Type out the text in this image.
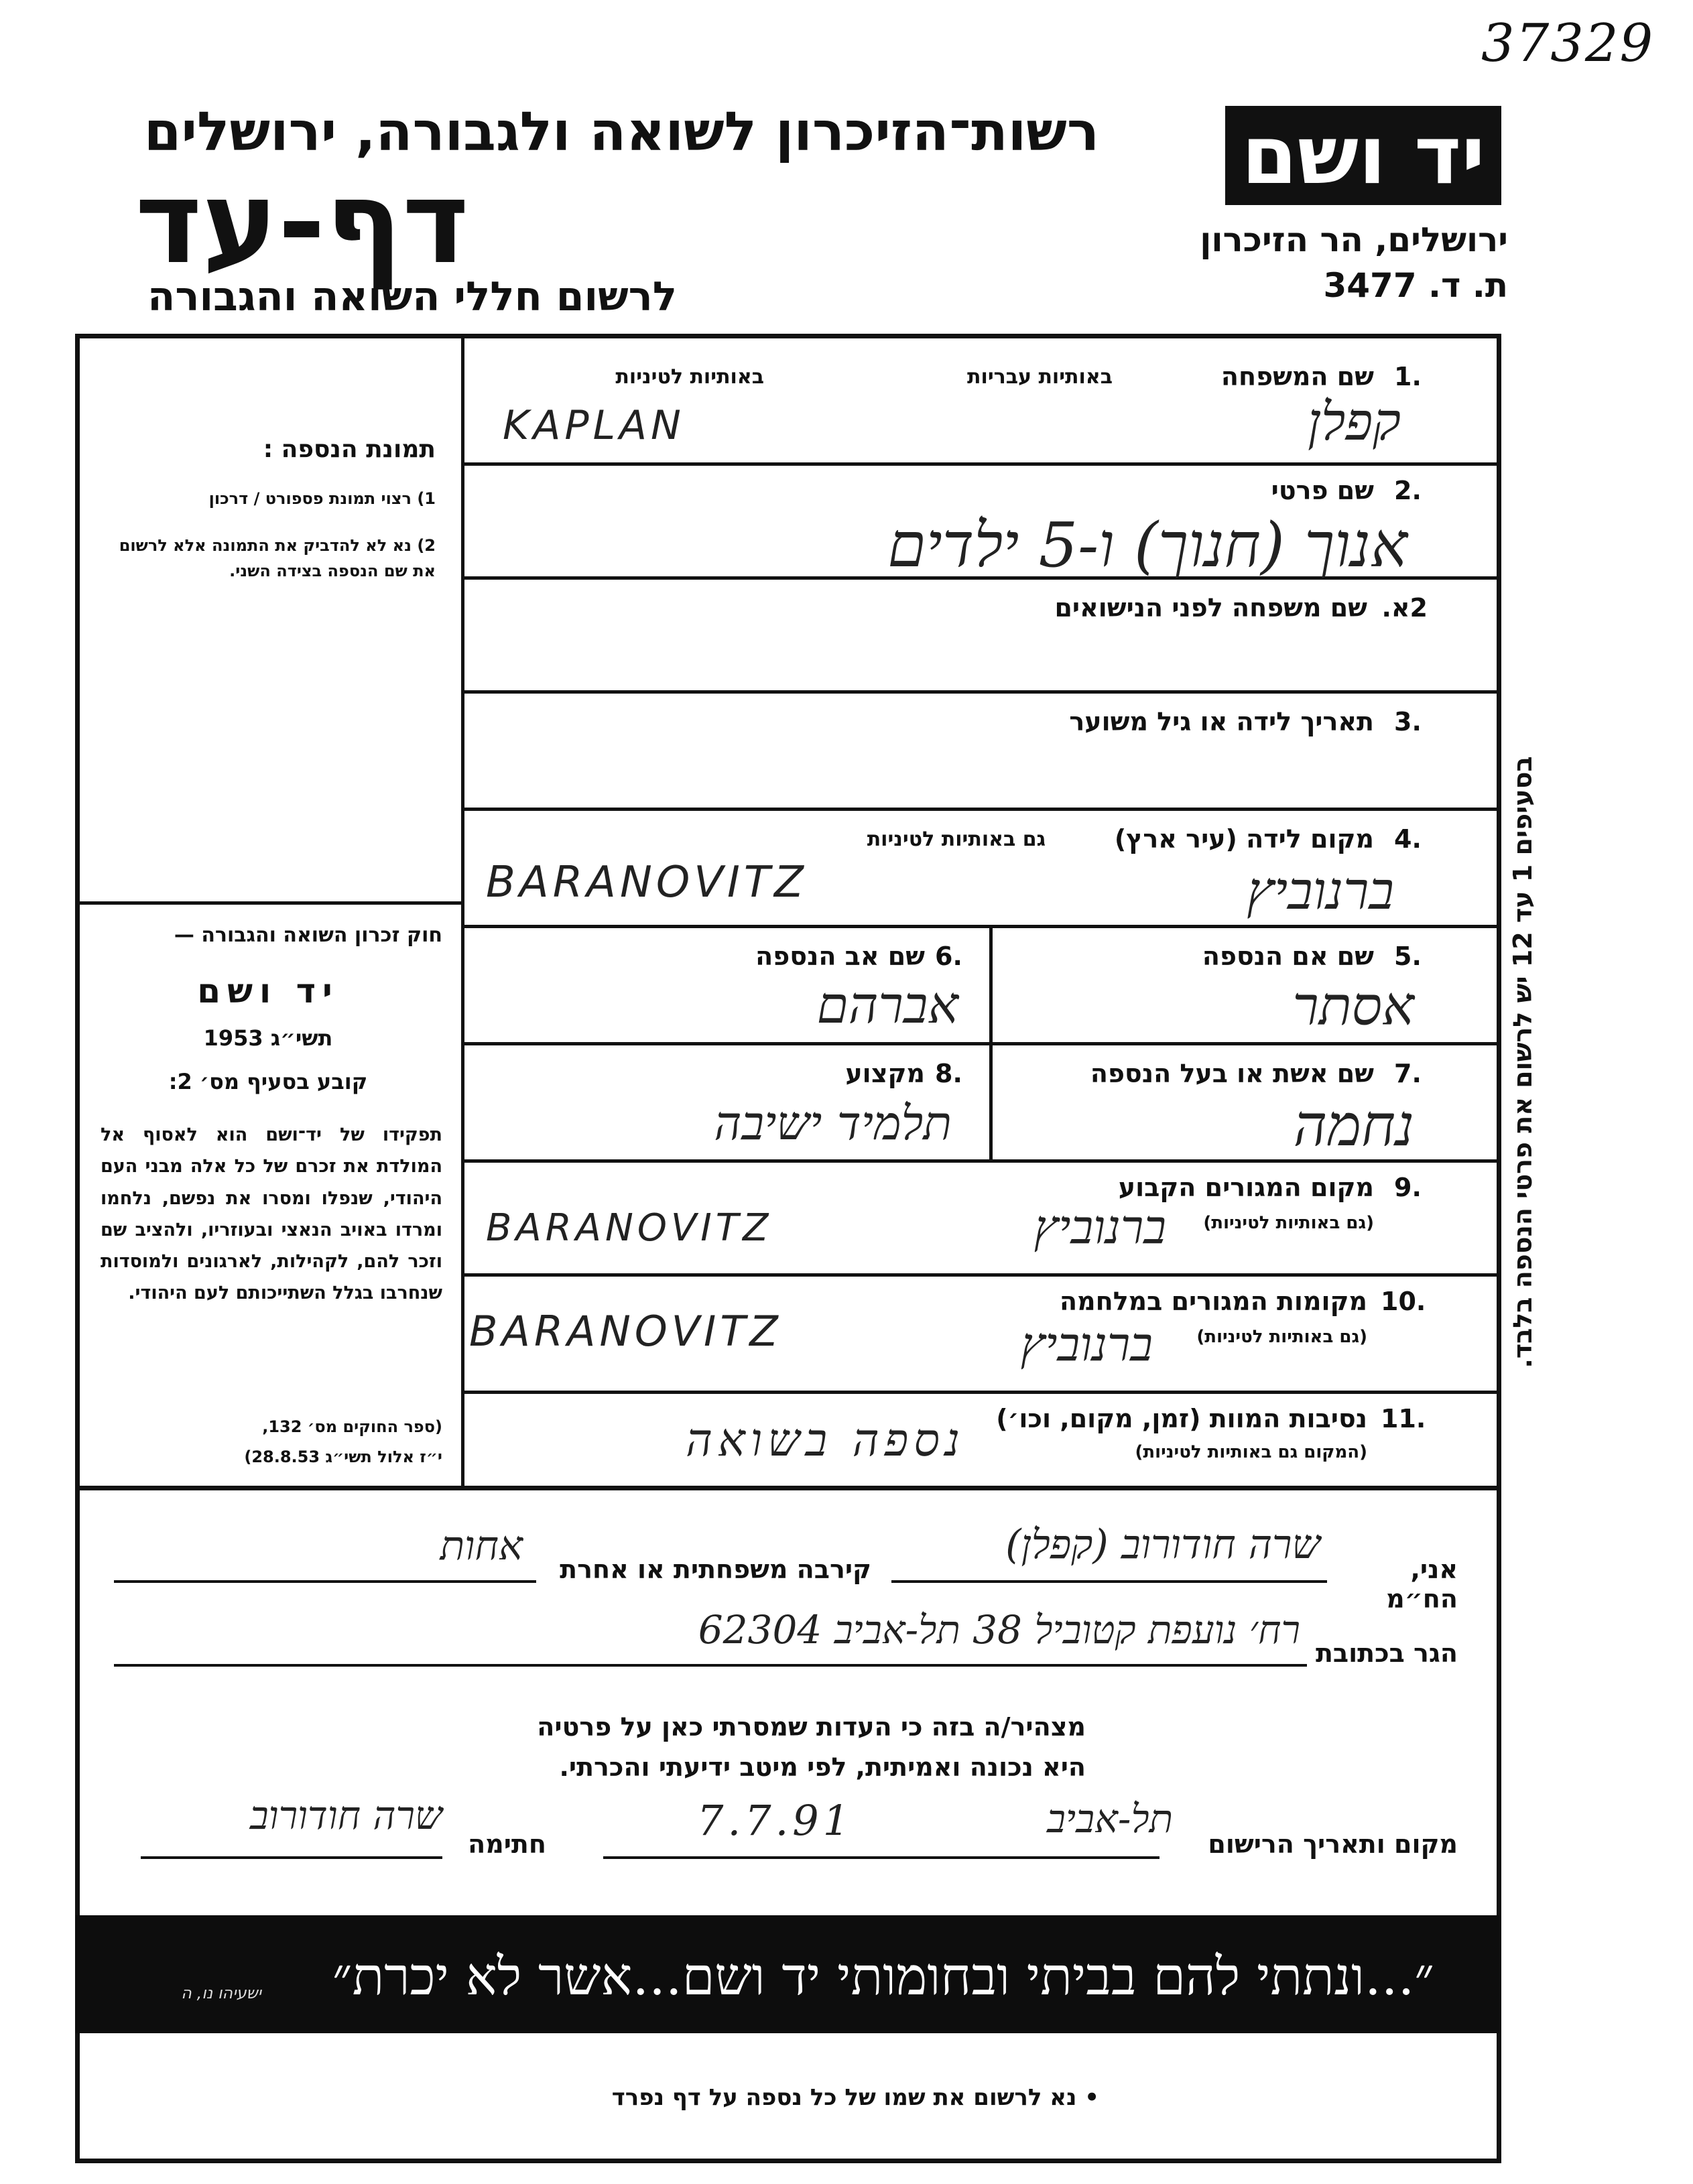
37329
יד ושם
ירושלים, הר הזיכרון
ת. ד. 3477
רשות־הזיכרון לשואה ולגבורה, ירושלים
דף-עד
לרשום חללי השואה והגבורה
תמונת הנספה :
1) רצוי תמונת פספורט / דרכון
2) נא לא להדביק את התמונה אלא לרשום את שם הנספה בצידה השני.
חוק זכרון השואה והגבורה —
יד ושם
תשי״ג 1953
קובע בסעיף מס׳ 2:
תפקידו של יד־ושם הוא לאסוף אל המולדת את זכרם של כל אלה מבני העם היהודי, שנפלו ומסרו את נפשם, נלחמו ומרדו באויב הנאצי ובעוזריו, ולהציב שם וזכר להם, לקהילות, לארגונים ולמוסדות שנחרבו בגלל השתייכותם לעם היהודי.
(ספר החוקים מס׳ 132,
י״ז אלול תשי״ג 28.8.53)
1.
שם המשפחה
באותיות עבריות
באותיות לטיניות
קפלן
KAPLAN
2.
שם פרטי
אנוך (חנוך) ו-5 ילדים
2א.
שם משפחה לפני הנישואים
3.
תאריך לידה או גיל משוער
4.
מקום לידה (עיר ארץ)
גם באותיות לטיניות
ברנוביץ
BARANOVITZ
5.
שם אם הנספה
אסתר
6.
שם אב הנספה
אברהם
7.
שם אשת או בעל הנספה
נחמה
8.
מקצוע
תלמיד ישיבה
9.
מקום המגורים הקבוע
(גם באותיות לטיניות)
ברנוביץ
BARANOVITZ
10.
מקומות המגורים במלחמה
(גם באותיות לטיניות)
ברנוביץ
BARANOVITZ
11.
נסיבות המוות (זמן, מקום, וכו׳)
(המקום גם באותיות לטיניות)
נספה בשואה
בסעיפים 1 עד 12 יש לרשום את פרטי הנספה בלבד.
אני, הח״מ
שרה חודורוב (קפלן)
קירבה משפחתית או אחרת
אחות
הגר בכתובת
רח׳ נועפת קטוביל 38 תל-אביב 62304
מצהיר/ה בזה כי העדות שמסרתי כאן על פרטיה
היא נכונה ואמיתית, לפי מיטב ידיעתי והכרתי.
מקום ותאריך הרישום
תל-אביב
7.7.91
חתימה
שרה חודורוב
״...ונתתי להם בביתי ובחומותי יד ושם...אשר לא יכרת״
ישעיהו נו, ה
• נא לרשום את שמו של כל נספה על דף נפרד
